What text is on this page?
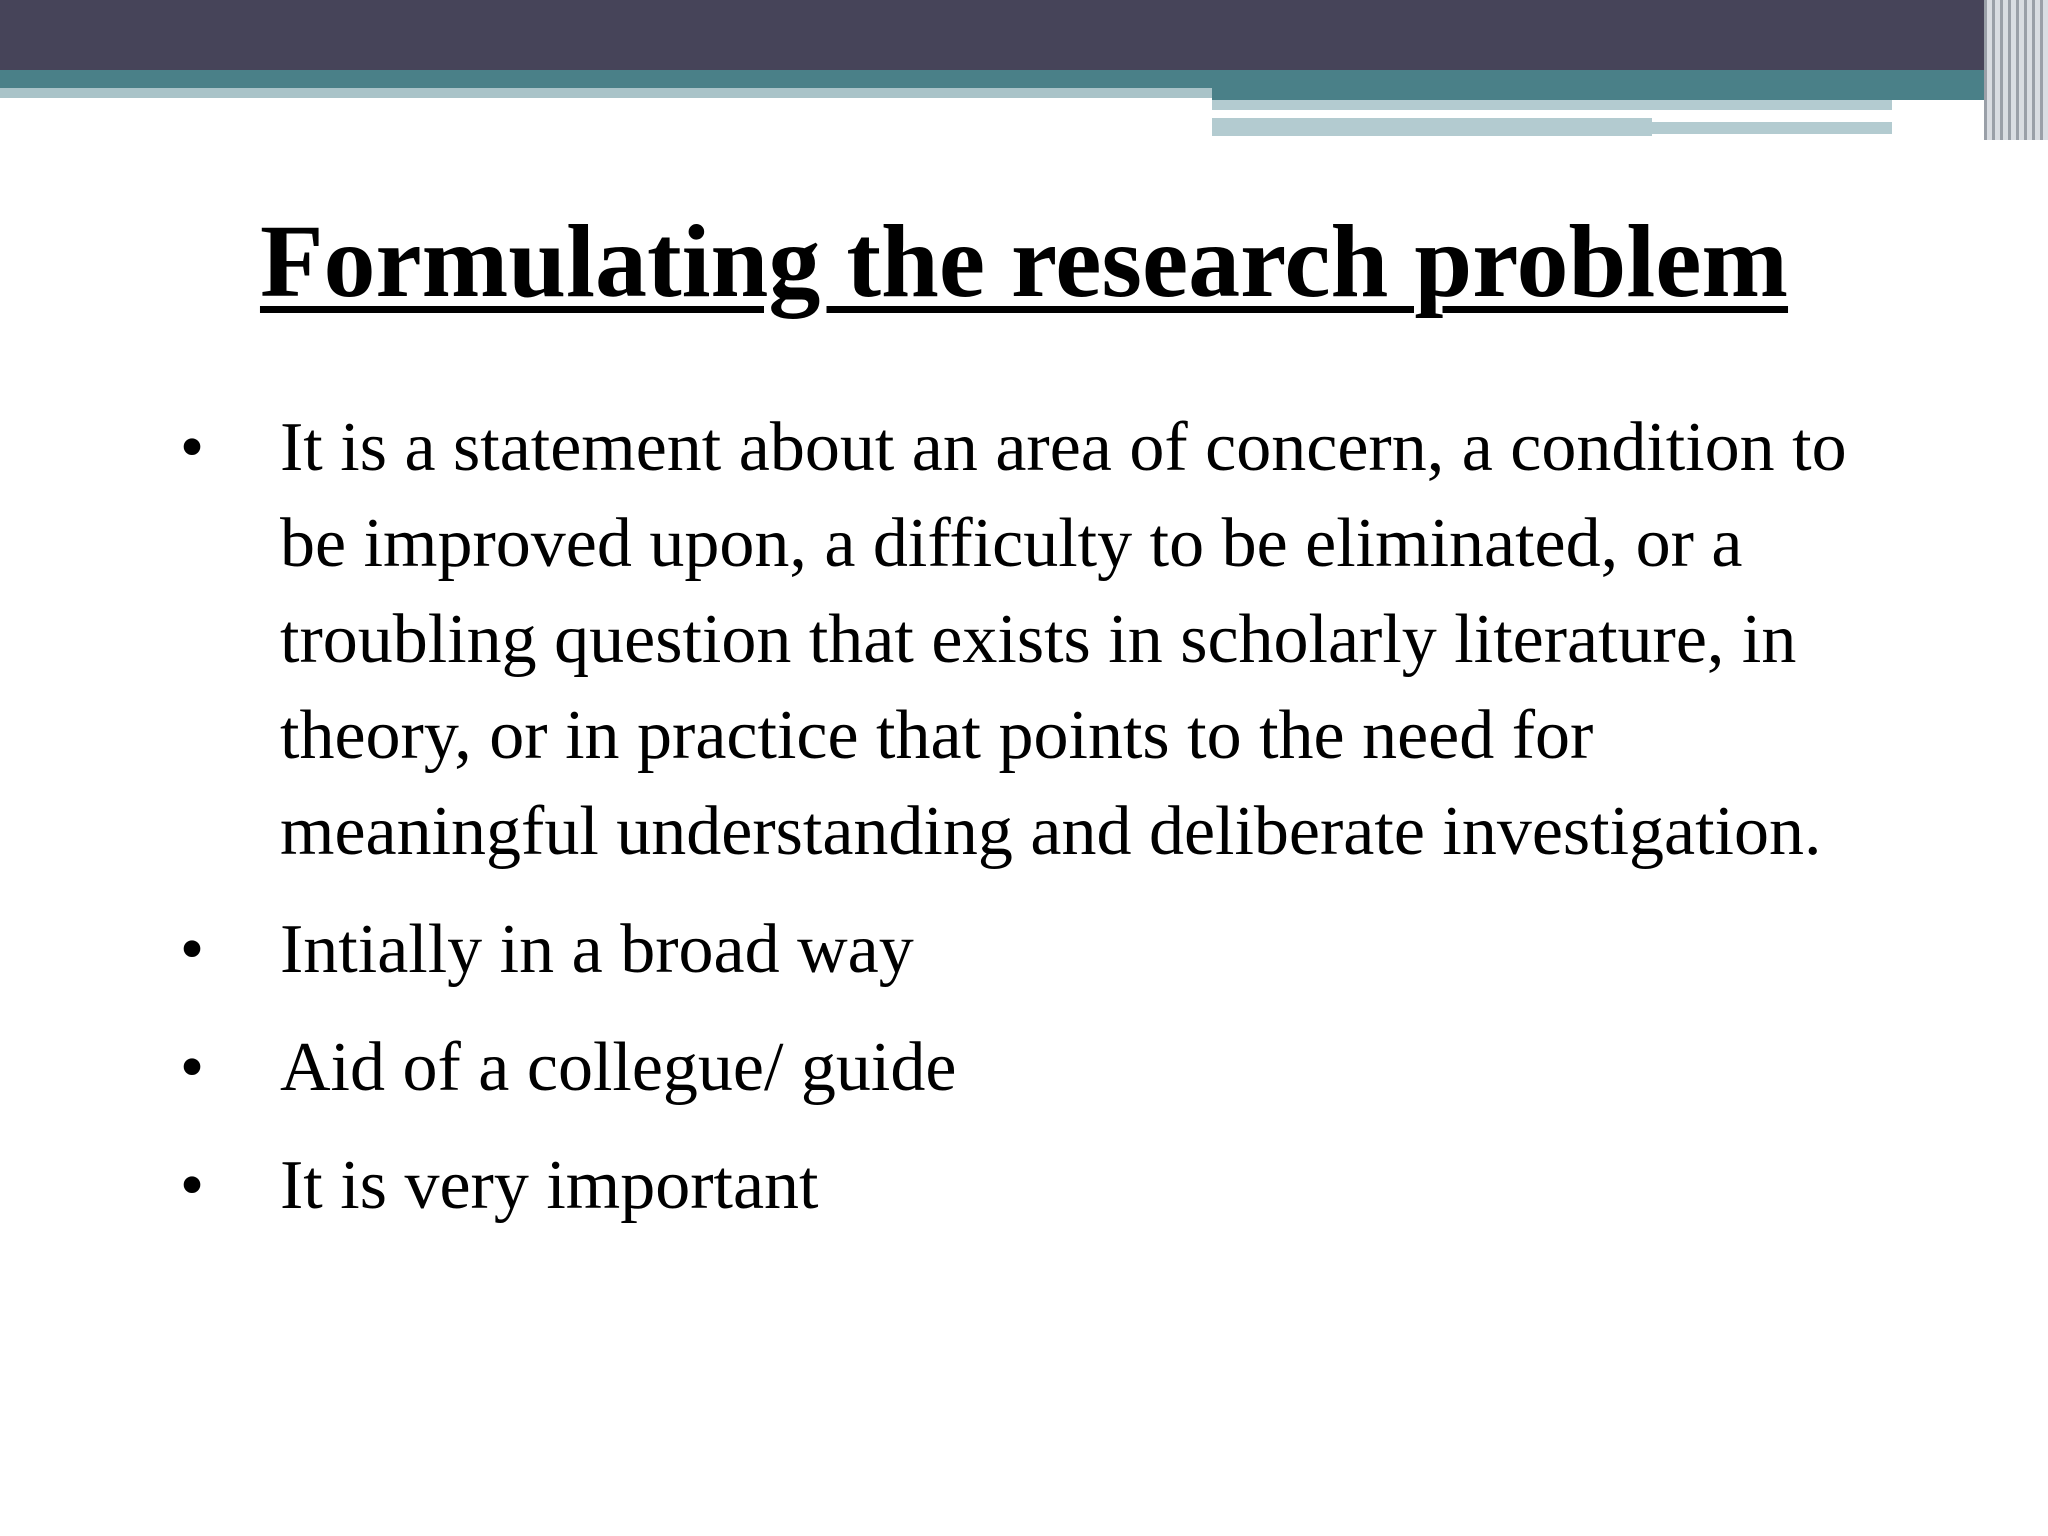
Formulating the research problem
• It is a statement about an area of concern, a condition to be improved upon, a difficulty to be eliminated, or a troubling question that exists in scholarly literature, in theory, or in practice that points to the need for meaningful understanding and deliberate investigation.
• Intially in a broad way
• Aid of a collegue/ guide
• It is very important
